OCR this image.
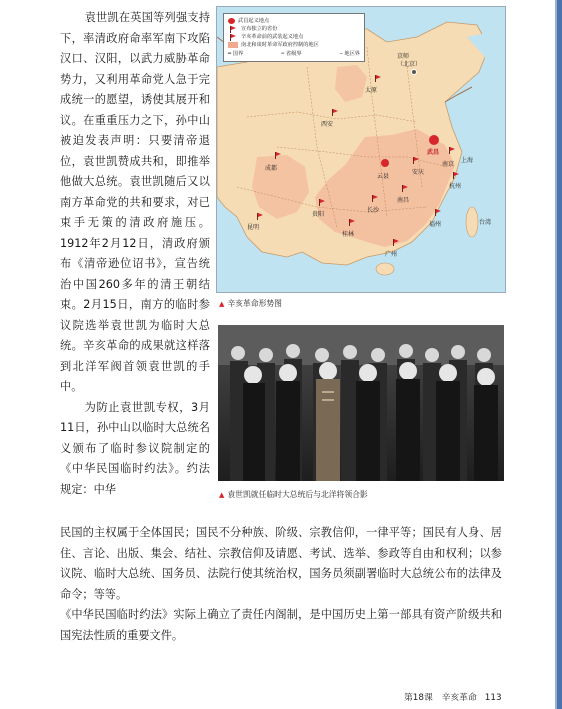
袁世凯在英国等列强支持下，率清政府命率军南下攻陷汉口、汉阳，以武力威胁革命势力，又利用革命党人急于完成统一的愿望，诱使其展开和议。在重重压力之下，孙中山被迫发表声明：只要清帝退位，袁世凯赞成共和，即推举他做大总统。袁世凯随后又以南方革命党的共和要求，对已束手无策的清政府施压。1912年2月12日，清政府颁布《清帝逊位诏书》，宣告统治中国260多年的清王朝结束。2月15日，南方的临时参议院选举袁世凯为临时大总统。辛亥革命的成果就这样落到北洋军阀首领袁世凯的手中。

为防止袁世凯专权，3月11日，孙中山以临时大总统名义颁布了临时参议院制定的《中华民国临时约法》。约法规定：中华

武昌起义地点
宣布独立的省份
辛亥革命前的武装起义地点
南北和谈时革命军政府控制的地区
━ 国界	┅ 省级界	┄ 地区界	京师
（北京）
太原
西安
成都
武昌
南京
上海
安庆
云县
长沙
南昌
贵阳
昆明
桂林
广州
福州
杭州
台湾
▲ 辛亥革命形势图
▲ 袁世凯就任临时大总统后与北洋将领合影

民国的主权属于全体国民；国民不分种族、阶级、宗教信仰，一律平等；国民有人身、居住、言论、出版、集会、结社、宗教信仰及请愿、考试、选举、参政等自由和权利；以参议院、临时大总统、国务员、法院行使其统治权，国务员须副署临时大总统公布的法律及命令；等等。

《中华民国临时约法》实际上确立了责任内阁制，是中国历史上第一部具有资产阶级共和国宪法性质的重要文件。

第18课　辛亥革命 113
